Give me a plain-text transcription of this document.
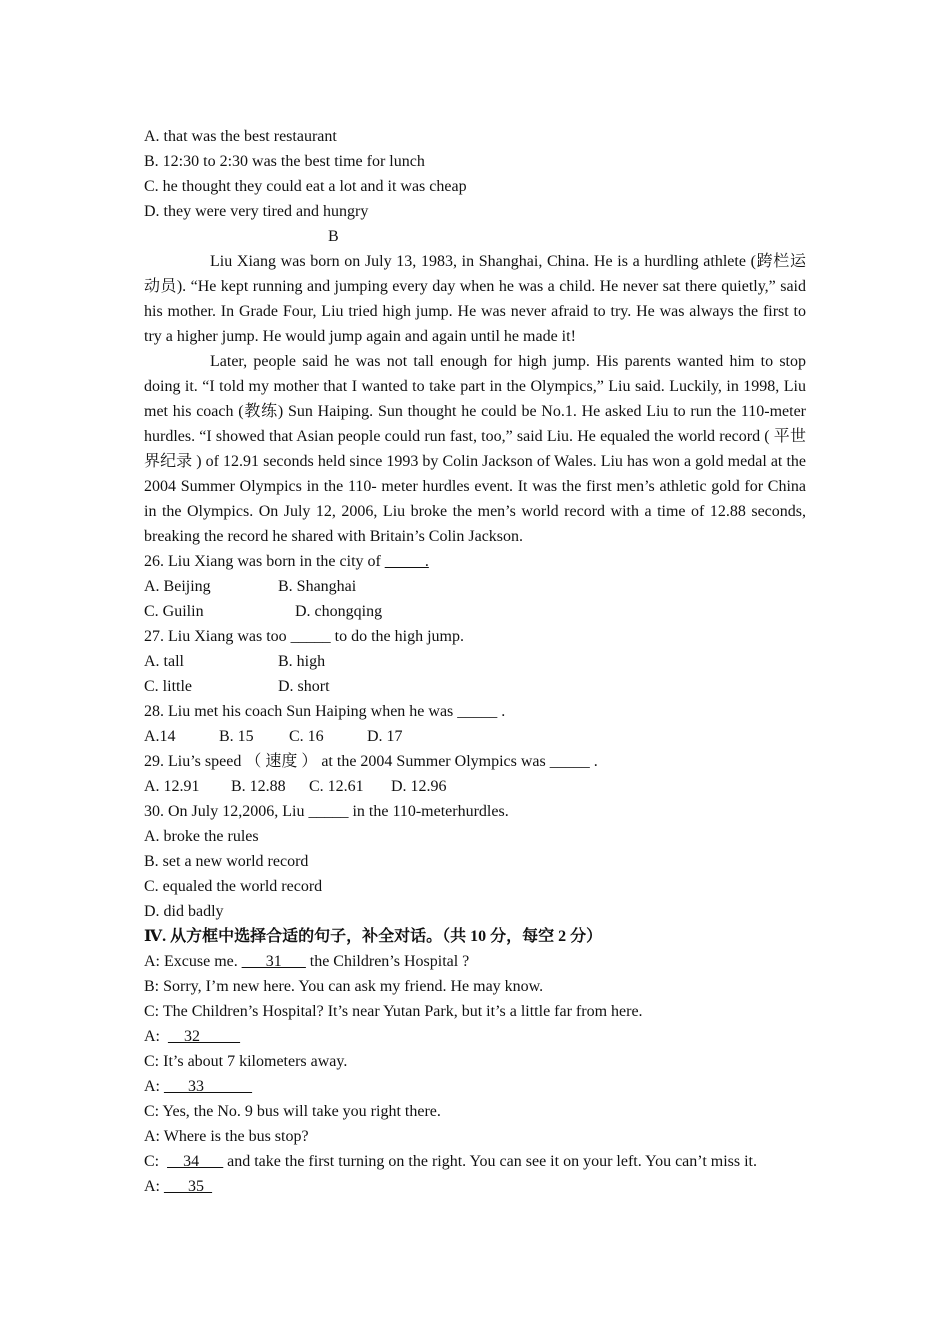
A. that was the best restaurant
B. 12:30 to 2:30 was the best time for lunch
C. he thought they could eat a lot and it was cheap
D. they were very tired and hungry
B
Liu Xiang was born on July 13, 1983, in Shanghai, China. He is a hurdling athlete (跨栏运动员). “He kept running and jumping every day when he was a child. He never sat there quietly,” said his mother. In Grade Four, Liu tried high jump. He was never afraid to try. He was always the first to try a higher jump. He would jump again and again until he made it!
Later, people said he was not tall enough for high jump. His parents wanted him to stop doing it. “I told my mother that I wanted to take part in the Olympics,” Liu said. Luckily, in 1998, Liu met his coach (教练) Sun Haiping. Sun thought he could be No.1. He asked Liu to run the 110-meter hurdles. “I showed that Asian people could run fast, too,” said Liu. He equaled the world record ( 平世界纪录 ) of 12.91 seconds held since 1993 by Colin Jackson of Wales. Liu has won a gold medal at the 2004 Summer Olympics in the 110- meter hurdles event. It was the first men’s athletic gold for China in the Olympics. On July 12, 2006, Liu broke the men’s world record with a time of 12.88 seconds, breaking the record he shared with Britain’s Colin Jackson.
26. Liu Xiang was born in the city of _____.
A. Beijing	B. Shanghai
C. Guilin	D. chongqing
27. Liu Xiang was too _____ to do the high jump.
A. tall	B. high
C. little	D. short
28. Liu met his coach Sun Haiping when he was _____ .
A.14	B. 15 C. 16	D. 17
29. Liu’s speed （ 速度 ） at the 2004 Summer Olympics was _____ .
A. 12.91 B. 12.88 C. 12.61 D. 12.96
30. On July 12,2006, Liu _____ in the 110-meterhurdles.
A. broke the rules
B. set a new world record
C. equaled the world record
D. did badly
Ⅳ. 从方框中选择合适的句子，补全对话。（共 10 分，每空 2 分）
A: Excuse me. ___31___ the Children’s Hospital ?
B: Sorry, I’m new here. You can ask my friend. He may know.
C: The Children’s Hospital? It’s near Yutan Park, but it’s a little far from here.
A:  __32_____
C: It’s about 7 kilometers away.
A: ___33______
C: Yes, the No. 9 bus will take you right there.
A: Where is the bus stop?
C:  __34___ and take the first turning on the right. You can see it on your left. You can’t miss it.
A: ___35_
